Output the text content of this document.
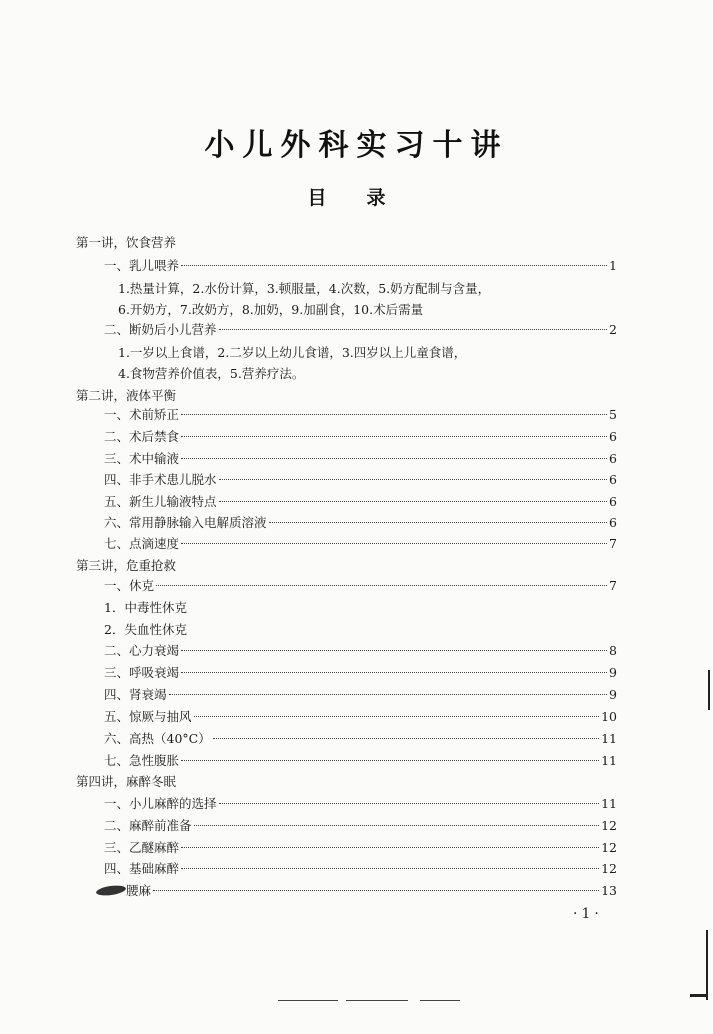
小儿外科实习十讲
目录
第一讲，饮食营养
一、乳儿喂养	1
1.热量计算，2.水份计算，3.顿服量，4.次数，5.奶方配制与含量，
6.开奶方，7.改奶方，8.加奶，9.加副食，10.术后需量
二、断奶后小儿营养	2
1.一岁以上食谱，2.二岁以上幼儿食谱，3.四岁以上儿童食谱，
4.食物营养价值表，5.营养疗法。
第二讲，液体平衡
一、术前矫正	5
二、术后禁食	6
三、术中输液	6
四、非手术患儿脱水	6
五、新生儿输液特点	6
六、常用静脉输入电解质溶液	6
七、点滴速度	7
第三讲，危重抢救
一、休克	7
1．中毒性休克
2．失血性休克
二、心力衰竭	8
三、呼吸衰竭	9
四、肾衰竭	9
五、惊厥与抽风	10
六、高热（40°C）	11
七、急性腹胀	11
第四讲，麻醉冬眠
一、小儿麻醉的选择	11
二、麻醉前准备	12
三、乙醚麻醉	12
四、基础麻醉	12
腰麻	13
·1·
